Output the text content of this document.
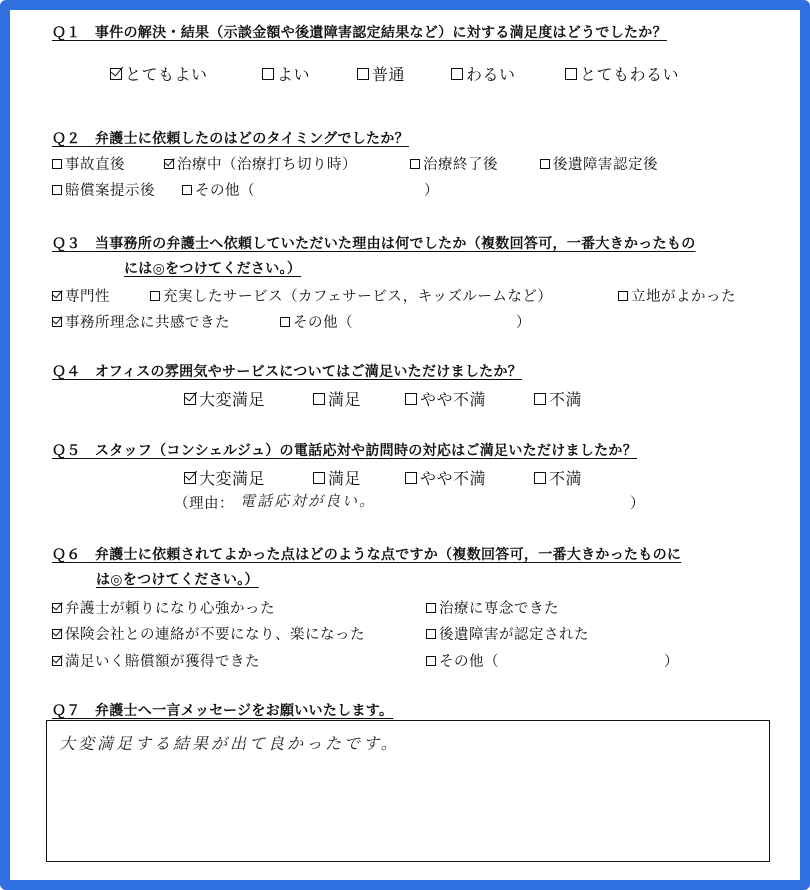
Ｑ１　事件の解決・結果（示談金額や後遺障害認定結果など）に対する満足度はどうでしたか？
とてもよい	よい	普通	わるい	とてもわるい
Ｑ２　弁護士に依頼したのはどのタイミングでしたか？
事故直後	治療中（治療打ち切り時）	治療終了後	後遺障害認定後
賠償案提示後	その他（	）
Ｑ３　当事務所の弁護士へ依頼していただいた理由は何でしたか（複数回答可，一番大きかったもの
には◎をつけてください。）
専門性	充実したサービス（カフェサービス，キッズルームなど）	立地がよかった
事務所理念に共感できた	その他（	）
Ｑ４　オフィスの雰囲気やサービスについてはご満足いただけましたか？
大変満足	満足	やや不満	不満
Ｑ５　スタッフ（コンシェルジュ）の電話応対や訪問時の対応はご満足いただけましたか？
大変満足	満足	やや不満	不満
（理由： 電話応対が良い。	）
Ｑ６　弁護士に依頼されてよかった点はどのような点ですか（複数回答可，一番大きかったものに
は◎をつけてください。）
弁護士が頼りになり心強かった	治療に専念できた
保険会社との連絡が不要になり、楽になった	後遺障害が認定された
満足いく賠償額が獲得できた	その他（	）
Ｑ７　弁護士へ一言メッセージをお願いいたします。
大変満足する結果が出て良かったです。
